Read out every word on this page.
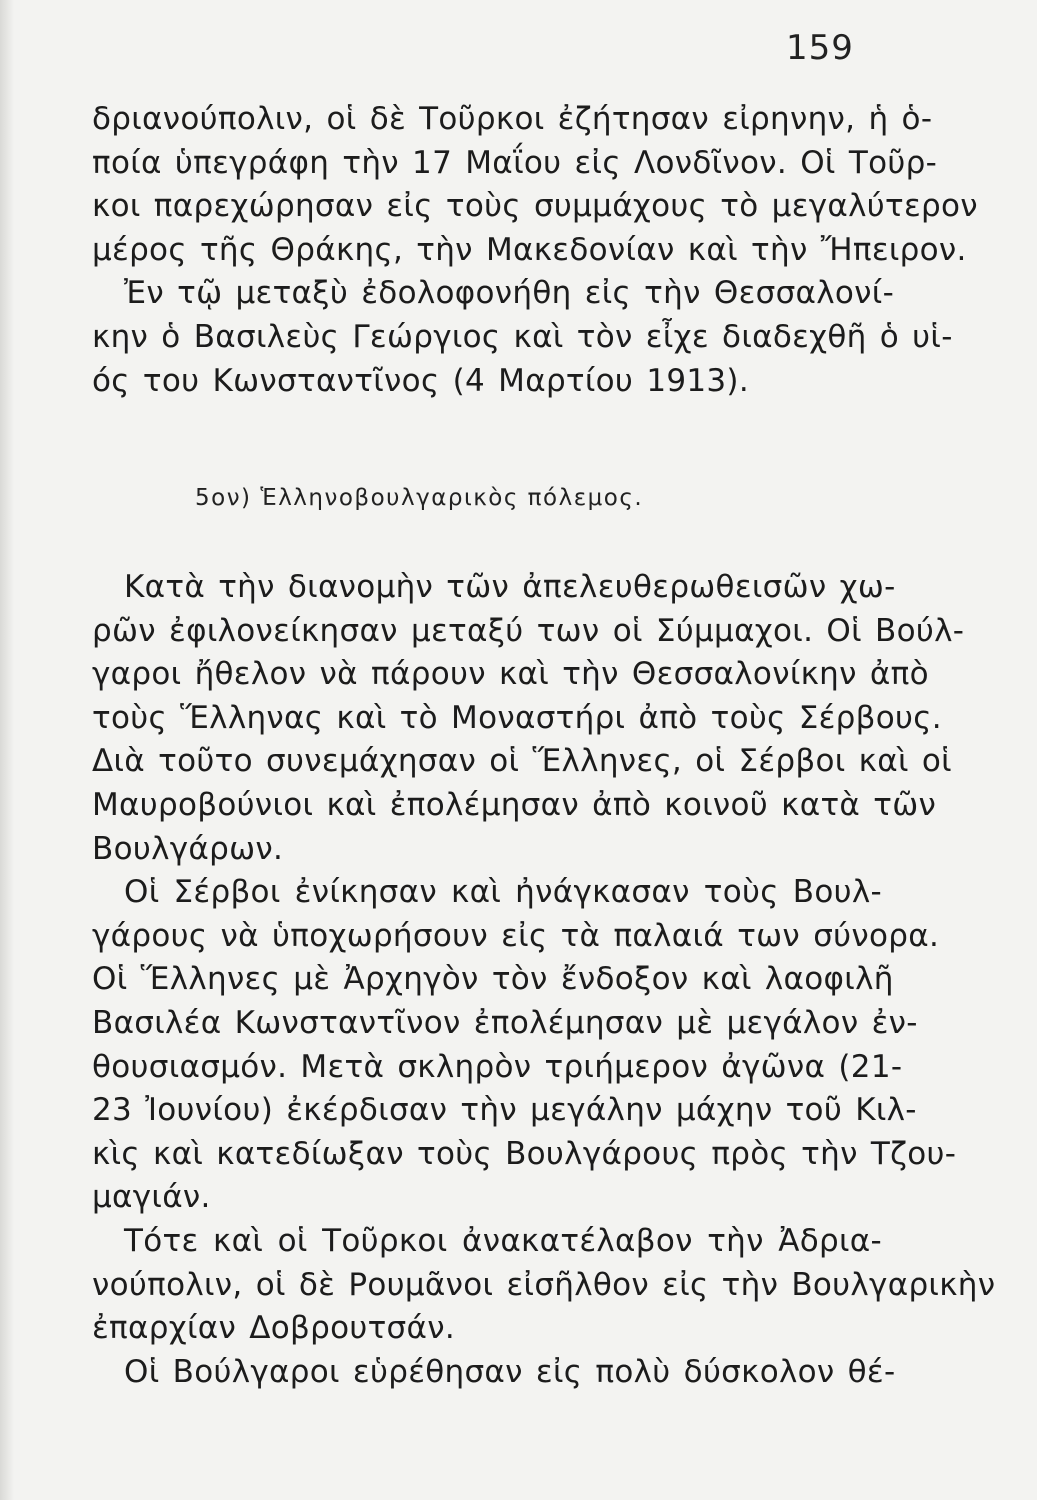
159
δριανούπολιν, οἱ δὲ Τοῦρκοι ἐζήτησαν εἰρηνην, ἡ ὁ-
ποία ὑπεγράφη τὴν 17 Μαΐου εἰς Λονδῖνον. Οἱ Τοῦρ-
κοι παρεχώρησαν εἰς τοὺς συμμάχους τὸ μεγαλύτερον
μέρος τῆς Θράκης, τὴν Μακεδονίαν καὶ τὴν Ἤπειρον.
Ἐν τῷ μεταξὺ ἐδολοφονήθη εἰς τὴν Θεσσαλονί-
κην ὁ Βασιλεὺς Γεώργιος καὶ τὸν εἶχε διαδεχθῆ ὁ υἱ-
ός του Κωνσταντῖνος (4 Μαρτίου 1913).
5ον) Ἑλληνοβουλγαρικὸς πόλεμος.
Κατὰ τὴν διανομὴν τῶν ἀπελευθερωθεισῶν χω-
ρῶν ἐφιλονείκησαν μεταξύ των οἱ Σύμμαχοι. Οἱ Βούλ-
γαροι ἤθελον νὰ πάρουν καὶ τὴν Θεσσαλονίκην ἀπὸ
τοὺς Ἕλληνας καὶ τὸ Μοναστήρι ἀπὸ τοὺς Σέρβους.
Διὰ τοῦτο συνεμάχησαν οἱ Ἕλληνες, οἱ Σέρβοι καὶ οἱ
Μαυροβούνιοι καὶ ἐπολέμησαν ἀπὸ κοινοῦ κατὰ τῶν
Βουλγάρων.
Οἱ Σέρβοι ἐνίκησαν καὶ ἠνάγκασαν τοὺς Βουλ-
γάρους νὰ ὑποχωρήσουν εἰς τὰ παλαιά των σύνορα.
Οἱ Ἕλληνες μὲ Ἀρχηγὸν τὸν ἔνδοξον καὶ λαοφιλῆ
Βασιλέα Κωνσταντῖνον ἐπολέμησαν μὲ μεγάλον ἐν-
θουσιασμόν. Μετὰ σκληρὸν τριήμερον ἀγῶνα (21-
23 Ἰουνίου) ἐκέρδισαν τὴν μεγάλην μάχην τοῦ Κιλ-
κὶς καὶ κατεδίωξαν τοὺς Βουλγάρους πρὸς τὴν Τζου-
μαγιάν.
Τότε καὶ οἱ Τοῦρκοι ἀνακατέλαβον τὴν Ἀδρια-
νούπολιν, οἱ δὲ Ρουμᾶνοι εἰσῆλθον εἰς τὴν Βουλγαρικὴν
ἐπαρχίαν Δοβρουτσάν.
Οἱ Βούλγαροι εὑρέθησαν εἰς πολὺ δύσκολον θέ-
